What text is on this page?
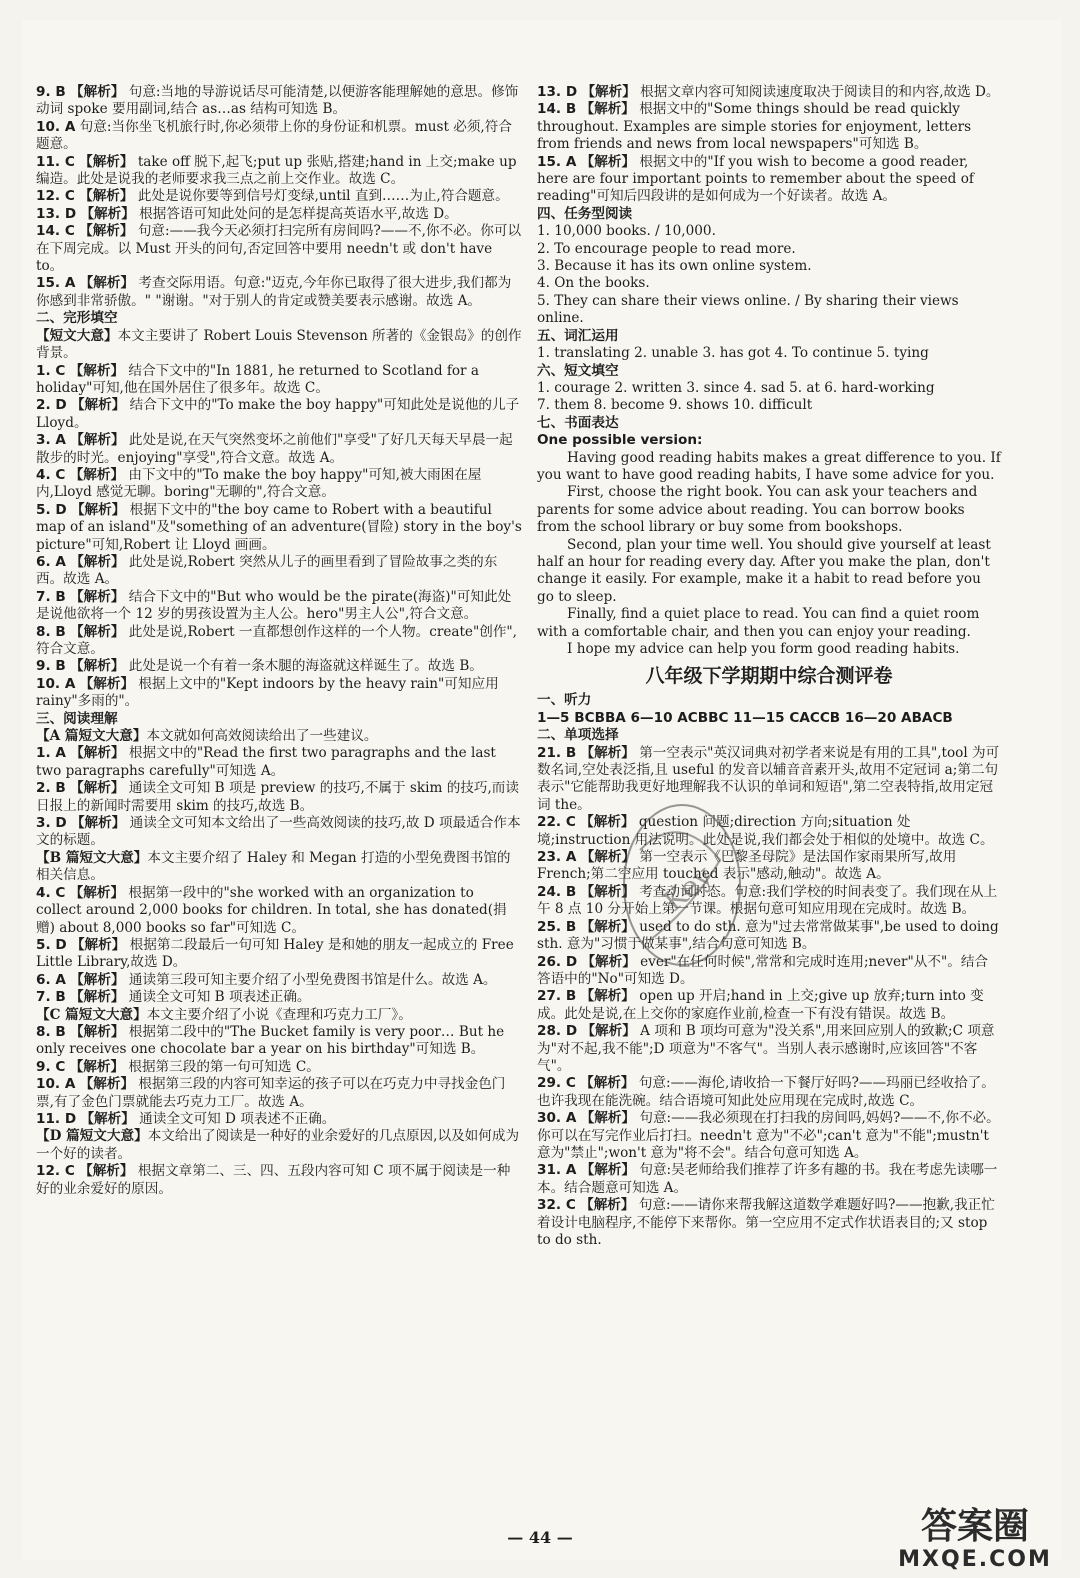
9. B 【解析】 句意:当地的导游说话尽可能清楚,以便游客能理解她的意思。修饰动词 spoke 要用副词,结合 as…as 结构可知选 B。

10. A 句意:当你坐飞机旅行时,你必须带上你的身份证和机票。must 必须,符合题意。

11. C 【解析】 take off 脱下,起飞;put up 张贴,搭建;hand in 上交;make up 编造。此处是说我的老师要求我三点之前上交作业。故选 C。

12. C 【解析】 此处是说你要等到信号灯变绿,until 直到……为止,符合题意。

13. D 【解析】 根据答语可知此处问的是怎样提高英语水平,故选 D。

14. C 【解析】 句意:——我今天必须打扫完所有房间吗?——不,你不必。你可以在下周完成。以 Must 开头的问句,否定回答中要用 needn't 或 don't have to。

15. A 【解析】 考查交际用语。句意:"迈克,今年你已取得了很大进步,我们都为你感到非常骄傲。" "谢谢。"对于别人的肯定或赞美要表示感谢。故选 A。

二、完形填空

【短文大意】本文主要讲了 Robert Louis Stevenson 所著的《金银岛》的创作背景。

1. C 【解析】 结合下文中的"In 1881, he returned to Scotland for a holiday"可知,他在国外居住了很多年。故选 C。

2. D 【解析】 结合下文中的"To make the boy happy"可知此处是说他的儿子 Lloyd。

3. A 【解析】 此处是说,在天气突然变坏之前他们"享受"了好几天每天早晨一起散步的时光。enjoying"享受",符合文意。故选 A。

4. C 【解析】 由下文中的"To make the boy happy"可知,被大雨困在屋内,Lloyd 感觉无聊。boring"无聊的",符合文意。

5. D 【解析】 根据下文中的"the boy came to Robert with a beautiful map of an island"及"something of an adventure(冒险) story in the boy's picture"可知,Robert 让 Lloyd 画画。

6. A 【解析】 此处是说,Robert 突然从儿子的画里看到了冒险故事之类的东西。故选 A。

7. B 【解析】 结合下文中的"But who would be the pirate(海盗)"可知此处是说他欲将一个 12 岁的男孩设置为主人公。hero"男主人公",符合文意。

8. B 【解析】 此处是说,Robert 一直都想创作这样的一个人物。create"创作",符合文意。

9. B 【解析】 此处是说一个有着一条木腿的海盗就这样诞生了。故选 B。

10. A 【解析】 根据上文中的"Kept indoors by the heavy rain"可知应用 rainy"多雨的"。

三、阅读理解

【A 篇短文大意】本文就如何高效阅读给出了一些建议。

1. A 【解析】 根据文中的"Read the first two paragraphs and the last two paragraphs carefully"可知选 A。

2. B 【解析】 通读全文可知 B 项是 preview 的技巧,不属于 skim 的技巧,而读日报上的新闻时需要用 skim 的技巧,故选 B。

3. D 【解析】 通读全文可知本文给出了一些高效阅读的技巧,故 D 项最适合作本文的标题。

【B 篇短文大意】本文主要介绍了 Haley 和 Megan 打造的小型免费图书馆的相关信息。

4. C 【解析】 根据第一段中的"she worked with an organization to collect around 2,000 books for children. In total, she has donated(捐赠) about 8,000 books so far"可知选 C。

5. D 【解析】 根据第二段最后一句可知 Haley 是和她的朋友一起成立的 Free Little Library,故选 D。

6. A 【解析】 通读第三段可知主要介绍了小型免费图书馆是什么。故选 A。

7. B 【解析】 通读全文可知 B 项表述正确。

【C 篇短文大意】本文主要介绍了小说《查理和巧克力工厂》。

8. B 【解析】 根据第二段中的"The Bucket family is very poor… But he only receives one chocolate bar a year on his birthday"可知选 B。

9. C 【解析】 根据第三段的第一句可知选 C。

10. A 【解析】 根据第三段的内容可知幸运的孩子可以在巧克力中寻找金色门票,有了金色门票就能去巧克力工厂。故选 A。

11. D 【解析】 通读全文可知 D 项表述不正确。

【D 篇短文大意】本文给出了阅读是一种好的业余爱好的几点原因,以及如何成为一个好的读者。

12. C 【解析】 根据文章第二、三、四、五段内容可知 C 项不属于阅读是一种好的业余爱好的原因。

13. D 【解析】 根据文章内容可知阅读速度取决于阅读目的和内容,故选 D。

14. B 【解析】 根据文中的"Some things should be read quickly throughout. Examples are simple stories for enjoyment, letters from friends and news from local newspapers"可知选 B。

15. A 【解析】 根据文中的"If you wish to become a good reader, here are four important points to remember about the speed of reading"可知后四段讲的是如何成为一个好读者。故选 A。

四、任务型阅读

1. 10,000 books. / 10,000.

2. To encourage people to read more.

3. Because it has its own online system.

4. On the books.

5. They can share their views online. / By sharing their views online.

五、词汇运用

1. translating 2. unable 3. has got 4. To continue 5. tying

六、短文填空

1. courage 2. written 3. since 4. sad 5. at 6. hard-working

7. them 8. become 9. shows 10. difficult

七、书面表达

One possible version:

Having good reading habits makes a great difference to you. If you want to have good reading habits, I have some advice for you.

First, choose the right book. You can ask your teachers and parents for some advice about reading. You can borrow books from the school library or buy some from bookshops.

Second, plan your time well. You should give yourself at least half an hour for reading every day. After you make the plan, don't change it easily. For example, make it a habit to read before you go to sleep.

Finally, find a quiet place to read. You can find a quiet room with a comfortable chair, and then you can enjoy your reading.

I hope my advice can help you form good reading habits.

八年级下学期期中综合测评卷

一、听力

1—5 BCBBA 6—10 ACBBC 11—15 CACCB 16—20 ABACB

二、单项选择

21. B 【解析】 第一空表示"英汉词典对初学者来说是有用的工具",tool 为可数名词,空处表泛指,且 useful 的发音以辅音音素开头,故用不定冠词 a;第二句表示"它能帮助我更好地理解我不认识的单词和短语",第二空表特指,故用定冠词 the。

22. C 【解析】 question 问题;direction 方向;situation 处境;instruction 用法说明。此处是说,我们都会处于相似的处境中。故选 C。

23. A 【解析】 第一空表示《巴黎圣母院》是法国作家雨果所写,故用 French;第二空应用 touched 表示"感动,触动"。故选 A。

24. B 【解析】 考查动词时态。句意:我们学校的时间表变了。我们现在从上午 8 点 10 分开始上第一节课。根据句意可知应用现在完成时。故选 B。

25. B 【解析】 used to do sth. 意为"过去常常做某事",be used to doing sth. 意为"习惯于做某事",结合句意可知选 B。

26. D 【解析】 ever"在任何时候",常常和完成时连用;never"从不"。结合答语中的"No"可知选 D。

27. B 【解析】 open up 开启;hand in 上交;give up 放弃;turn into 变成。此处是说,在上交你的家庭作业前,检查一下有没有错误。故选 B。

28. D 【解析】 A 项和 B 项均可意为"没关系",用来回应别人的致歉;C 项意为"对不起,我不能";D 项意为"不客气"。当别人表示感谢时,应该回答"不客气"。

29. C 【解析】 句意:——海伦,请收拾一下餐厅好吗?——玛丽已经收拾了。也许我现在能洗碗。结合语境可知此处应用现在完成时,故选 C。

30. A 【解析】 句意:——我必须现在打扫我的房间吗,妈妈?——不,你不必。你可以在写完作业后打扫。needn't 意为"不必";can't 意为"不能";mustn't 意为"禁止";won't 意为"将不会"。结合句意可知选 A。

31. A 【解析】 句意:吴老师给我们推荐了许多有趣的书。我在考虑先读哪一本。结合题意可知选 A。

32. C 【解析】 句意:——请你来帮我解这道数学难题好吗?——抱歉,我正忙着设计电脑程序,不能停下来帮你。第一空应用不定式作状语表目的;又 stop to do sth.

Key
— 44 —	答案圈
MXQE.COM
